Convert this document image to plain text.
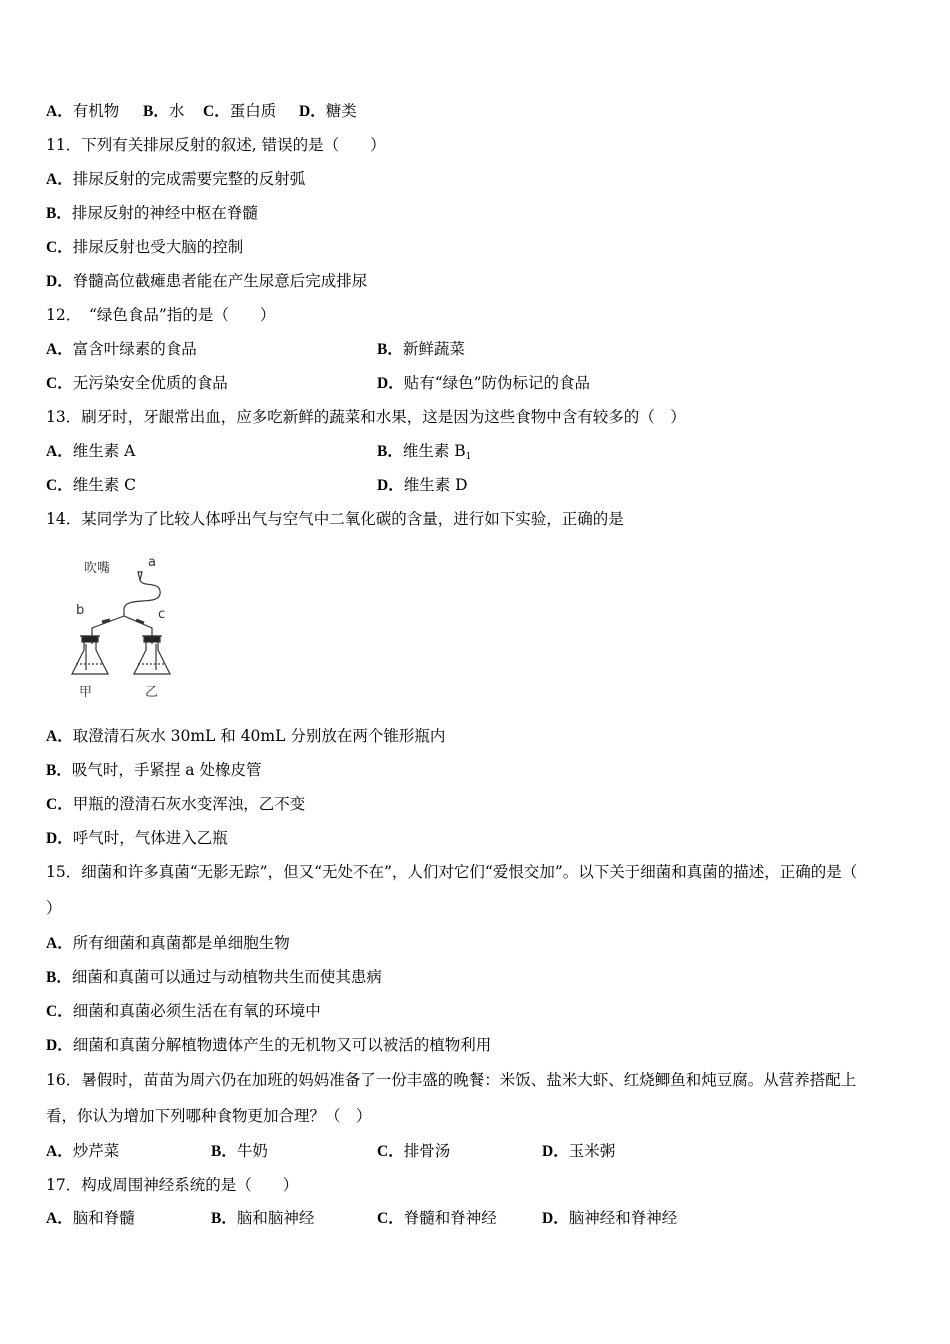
A．有机物 B．水 C．蛋白质 D．糖类
11．下列有关排尿反射的叙述, 错误的是（　　）
A．排尿反射的完成需要完整的反射弧
B．排尿反射的神经中枢在脊髓
C．排尿反射也受大脑的控制
D．脊髓高位截瘫患者能在产生尿意后完成排尿
12．　“绿色食品”指的是（　　）
A．富含叶绿素的食品	B．新鲜蔬菜
C．无污染安全优质的食品	D．贴有“绿色”防伪标记的食品
13．刷牙时，牙龈常出血，应多吃新鲜的蔬菜和水果，这是因为这些食物中含有较多的（　）
A．维生素 A	B．维生素 $B_1$
C．维生素 C	D．维生素 D
14．某同学为了比较人体呼出气与空气中二氧化碳的含量，进行如下实验，正确的是
吹嘴	a
b	c
甲	乙
A．取澄清石灰水 30mL 和 40mL 分别放在两个锥形瓶内
B．吸气时，手紧捏 a 处橡皮管
C．甲瓶的澄清石灰水变浑浊，乙不变
D．呼气时，气体进入乙瓶
15．细菌和许多真菌“无影无踪”，但又“无处不在”，人们对它们“爱恨交加”。以下关于细菌和真菌的描述，正确的是（
）
A．所有细菌和真菌都是单细胞生物
B．细菌和真菌可以通过与动植物共生而使其患病
C．细菌和真菌必须生活在有氧的环境中
D．细菌和真菌分解植物遗体产生的无机物又可以被活的植物利用
16．暑假时，苗苗为周六仍在加班的妈妈准备了一份丰盛的晚餐：米饭、盐米大虾、红烧鲫鱼和炖豆腐。从营养搭配上
看，你认为增加下列哪种食物更加合理？（　）
A．炒芹菜	B．牛奶	C．排骨汤	D．玉米粥
17．构成周围神经系统的是（　　）
A．脑和脊髓	B．脑和脑神经	C．脊髓和脊神经	D．脑神经和脊神经
